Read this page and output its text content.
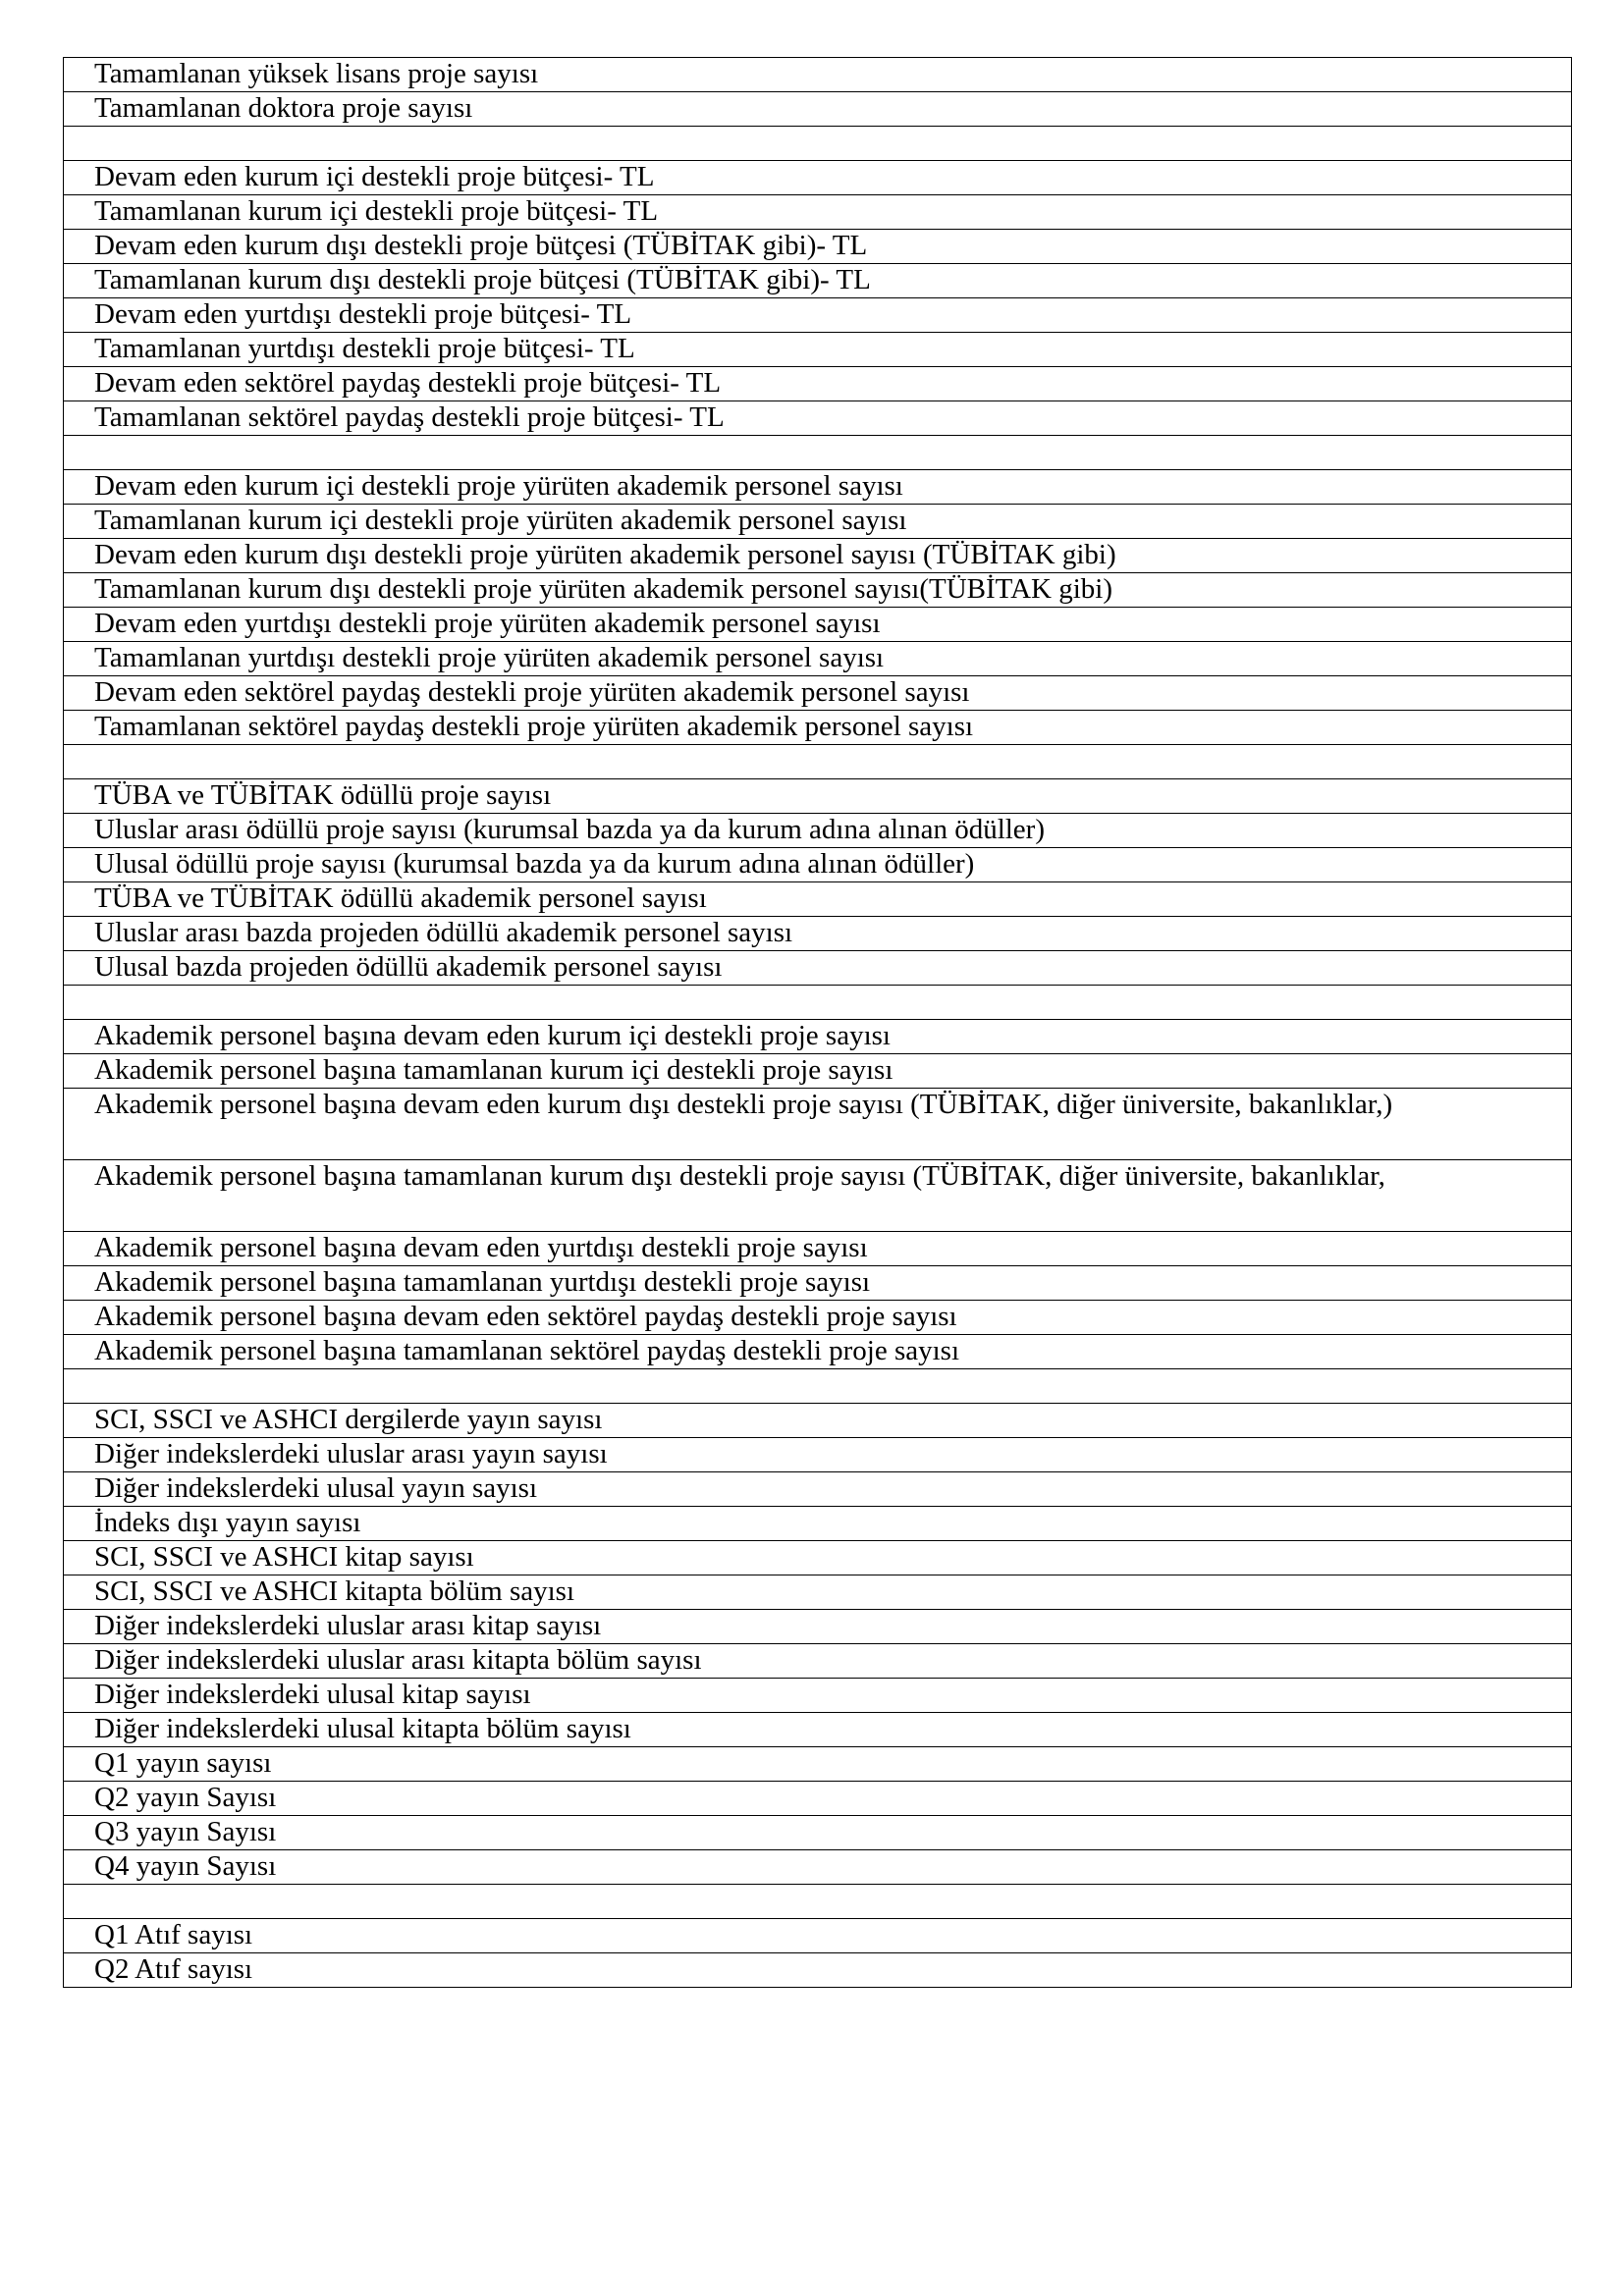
Tamamlanan yüksek lisans proje sayısı
Tamamlanan doktora proje sayısı

Devam eden kurum içi destekli proje bütçesi- TL
Tamamlanan kurum içi destekli proje bütçesi- TL
Devam eden kurum dışı destekli proje bütçesi (TÜBİTAK gibi)- TL
Tamamlanan kurum dışı destekli proje bütçesi (TÜBİTAK gibi)- TL
Devam eden yurtdışı destekli proje bütçesi- TL
Tamamlanan yurtdışı destekli proje bütçesi- TL
Devam eden sektörel paydaş destekli proje bütçesi- TL
Tamamlanan sektörel paydaş destekli proje bütçesi- TL

Devam eden kurum içi destekli proje yürüten akademik personel sayısı
Tamamlanan kurum içi destekli proje yürüten akademik personel sayısı
Devam eden kurum dışı destekli proje yürüten akademik personel sayısı (TÜBİTAK gibi)
Tamamlanan kurum dışı destekli proje yürüten akademik personel sayısı(TÜBİTAK gibi)
Devam eden yurtdışı destekli proje yürüten akademik personel sayısı
Tamamlanan yurtdışı destekli proje yürüten akademik personel sayısı
Devam eden sektörel paydaş destekli proje yürüten akademik personel sayısı
Tamamlanan sektörel paydaş destekli proje yürüten akademik personel sayısı

TÜBA ve TÜBİTAK ödüllü proje sayısı
Uluslar arası ödüllü proje sayısı (kurumsal bazda ya da kurum adına alınan ödüller)
Ulusal ödüllü proje sayısı (kurumsal bazda ya da kurum adına alınan ödüller)
TÜBA ve TÜBİTAK ödüllü akademik personel sayısı
Uluslar arası bazda projeden ödüllü akademik personel sayısı
Ulusal bazda projeden ödüllü akademik personel sayısı

Akademik personel başına devam eden kurum içi destekli proje sayısı
Akademik personel başına tamamlanan kurum içi destekli proje sayısı
Akademik personel başına devam eden kurum dışı destekli proje sayısı (TÜBİTAK, diğer üniversite, bakanlıklar,)
Akademik personel başına tamamlanan kurum dışı destekli proje sayısı (TÜBİTAK, diğer üniversite, bakanlıklar,
Akademik personel başına devam eden yurtdışı destekli proje sayısı
Akademik personel başına tamamlanan yurtdışı destekli proje sayısı
Akademik personel başına devam eden sektörel paydaş destekli proje sayısı
Akademik personel başına tamamlanan sektörel paydaş destekli proje sayısı

SCI, SSCI ve ASHCI dergilerde yayın sayısı
Diğer indekslerdeki uluslar arası yayın sayısı
Diğer indekslerdeki ulusal yayın sayısı
İndeks dışı yayın sayısı
SCI, SSCI ve ASHCI kitap sayısı
SCI, SSCI ve ASHCI kitapta bölüm sayısı
Diğer indekslerdeki uluslar arası kitap sayısı
Diğer indekslerdeki uluslar arası kitapta bölüm sayısı
Diğer indekslerdeki ulusal kitap sayısı
Diğer indekslerdeki ulusal kitapta bölüm sayısı
Q1 yayın sayısı
Q2 yayın Sayısı
Q3 yayın Sayısı
Q4 yayın Sayısı

Q1 Atıf sayısı
Q2 Atıf sayısı
